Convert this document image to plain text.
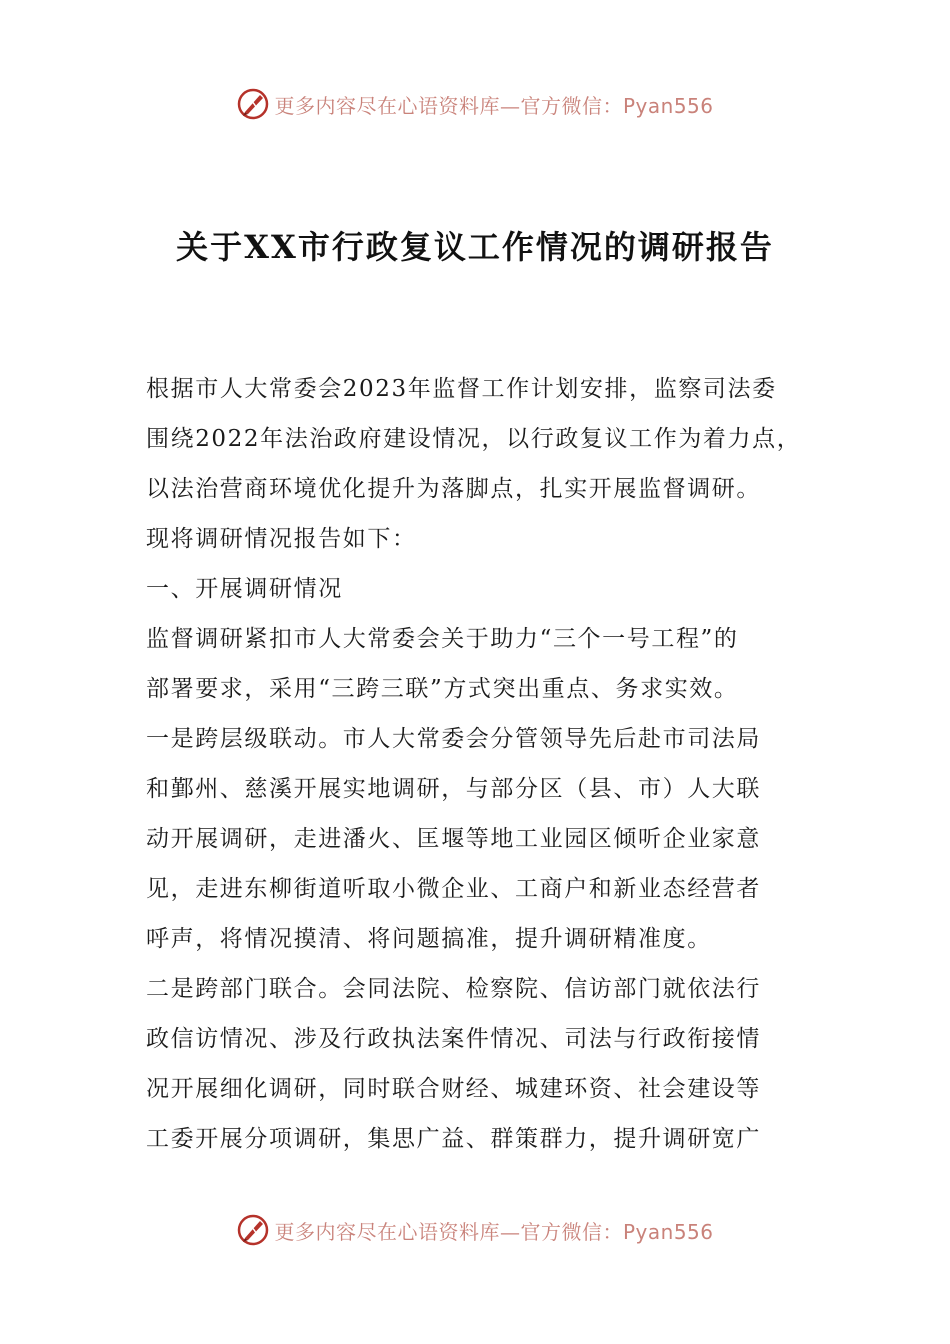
更多内容尽在心语资料库—官方微信：Pyan556
关于XX市行政复议工作情况的调研报告
根据市人大常委会2023年监督工作计划安排，监察司法委
围绕2022年法治政府建设情况，以行政复议工作为着力点，
以法治营商环境优化提升为落脚点，扎实开展监督调研。
现将调研情况报告如下：
一、开展调研情况
监督调研紧扣市人大常委会关于助力“三个一号工程”的
部署要求，采用“三跨三联”方式突出重点、务求实效。
一是跨层级联动。市人大常委会分管领导先后赴市司法局
和鄞州、慈溪开展实地调研，与部分区（县、市）人大联
动开展调研，走进潘火、匡堰等地工业园区倾听企业家意
见，走进东柳街道听取小微企业、工商户和新业态经营者
呼声，将情况摸清、将问题搞准，提升调研精准度。
二是跨部门联合。会同法院、检察院、信访部门就依法行
政信访情况、涉及行政执法案件情况、司法与行政衔接情
况开展细化调研，同时联合财经、城建环资、社会建设等
工委开展分项调研，集思广益、群策群力，提升调研宽广
更多内容尽在心语资料库—官方微信：Pyan556
